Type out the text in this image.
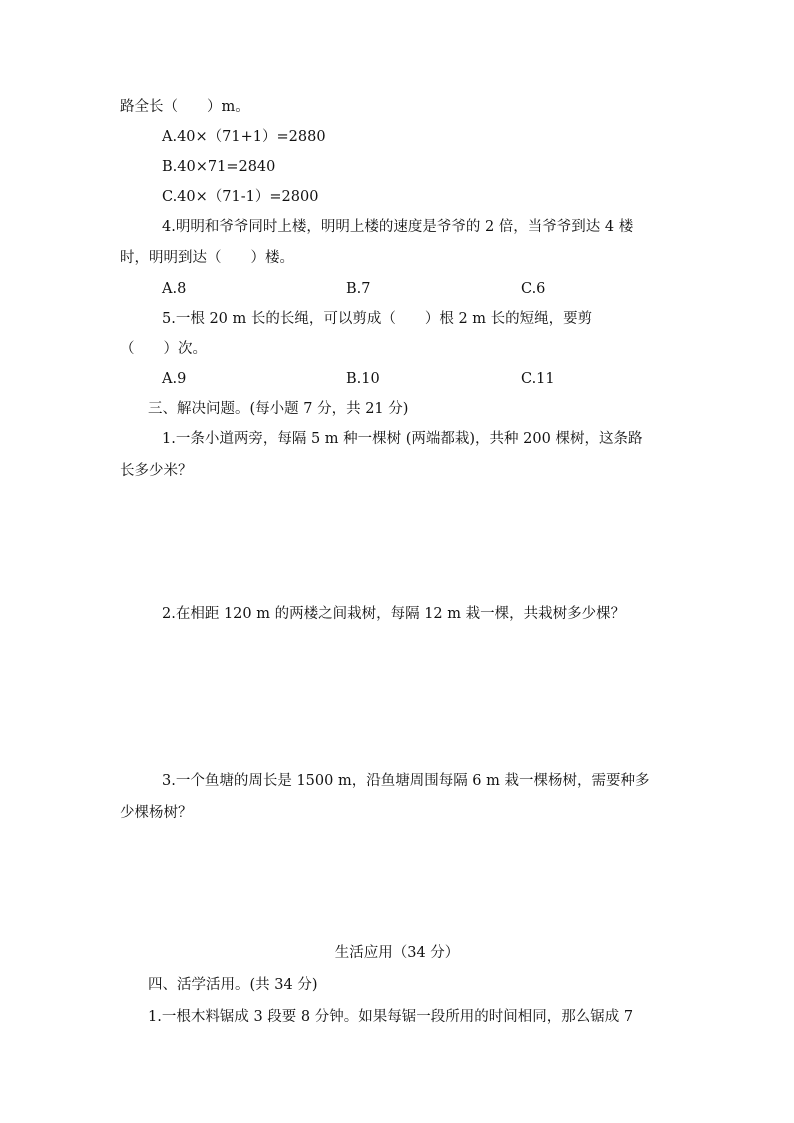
路全长（　　）m。
A.40×（71+1）=2880
B.40×71=2840
C.40×（71-1）=2800
4.明明和爷爷同时上楼，明明上楼的速度是爷爷的 2 倍，当爷爷到达 4 楼
时，明明到达（　　）楼。
A.8	B.7	C.6
5.一根 20 m 长的长绳，可以剪成（　　）根 2 m 长的短绳，要剪
（　　）次。
A.9	B.10	C.11
三、解决问题。(每小题 7 分，共 21 分)
1.一条小道两旁，每隔 5 m 种一棵树 (两端都栽)，共种 200 棵树，这条路
长多少米？
2.在相距 120 m 的两楼之间栽树，每隔 12 m 栽一棵，共栽树多少棵？
3.一个鱼塘的周长是 1500 m，沿鱼塘周围每隔 6 m 栽一棵杨树，需要种多
少棵杨树？
生活应用（34 分）
四、活学活用。(共 34 分)
1.一根木料锯成 3 段要 8 分钟。如果每锯一段所用的时间相同，那么锯成 7
